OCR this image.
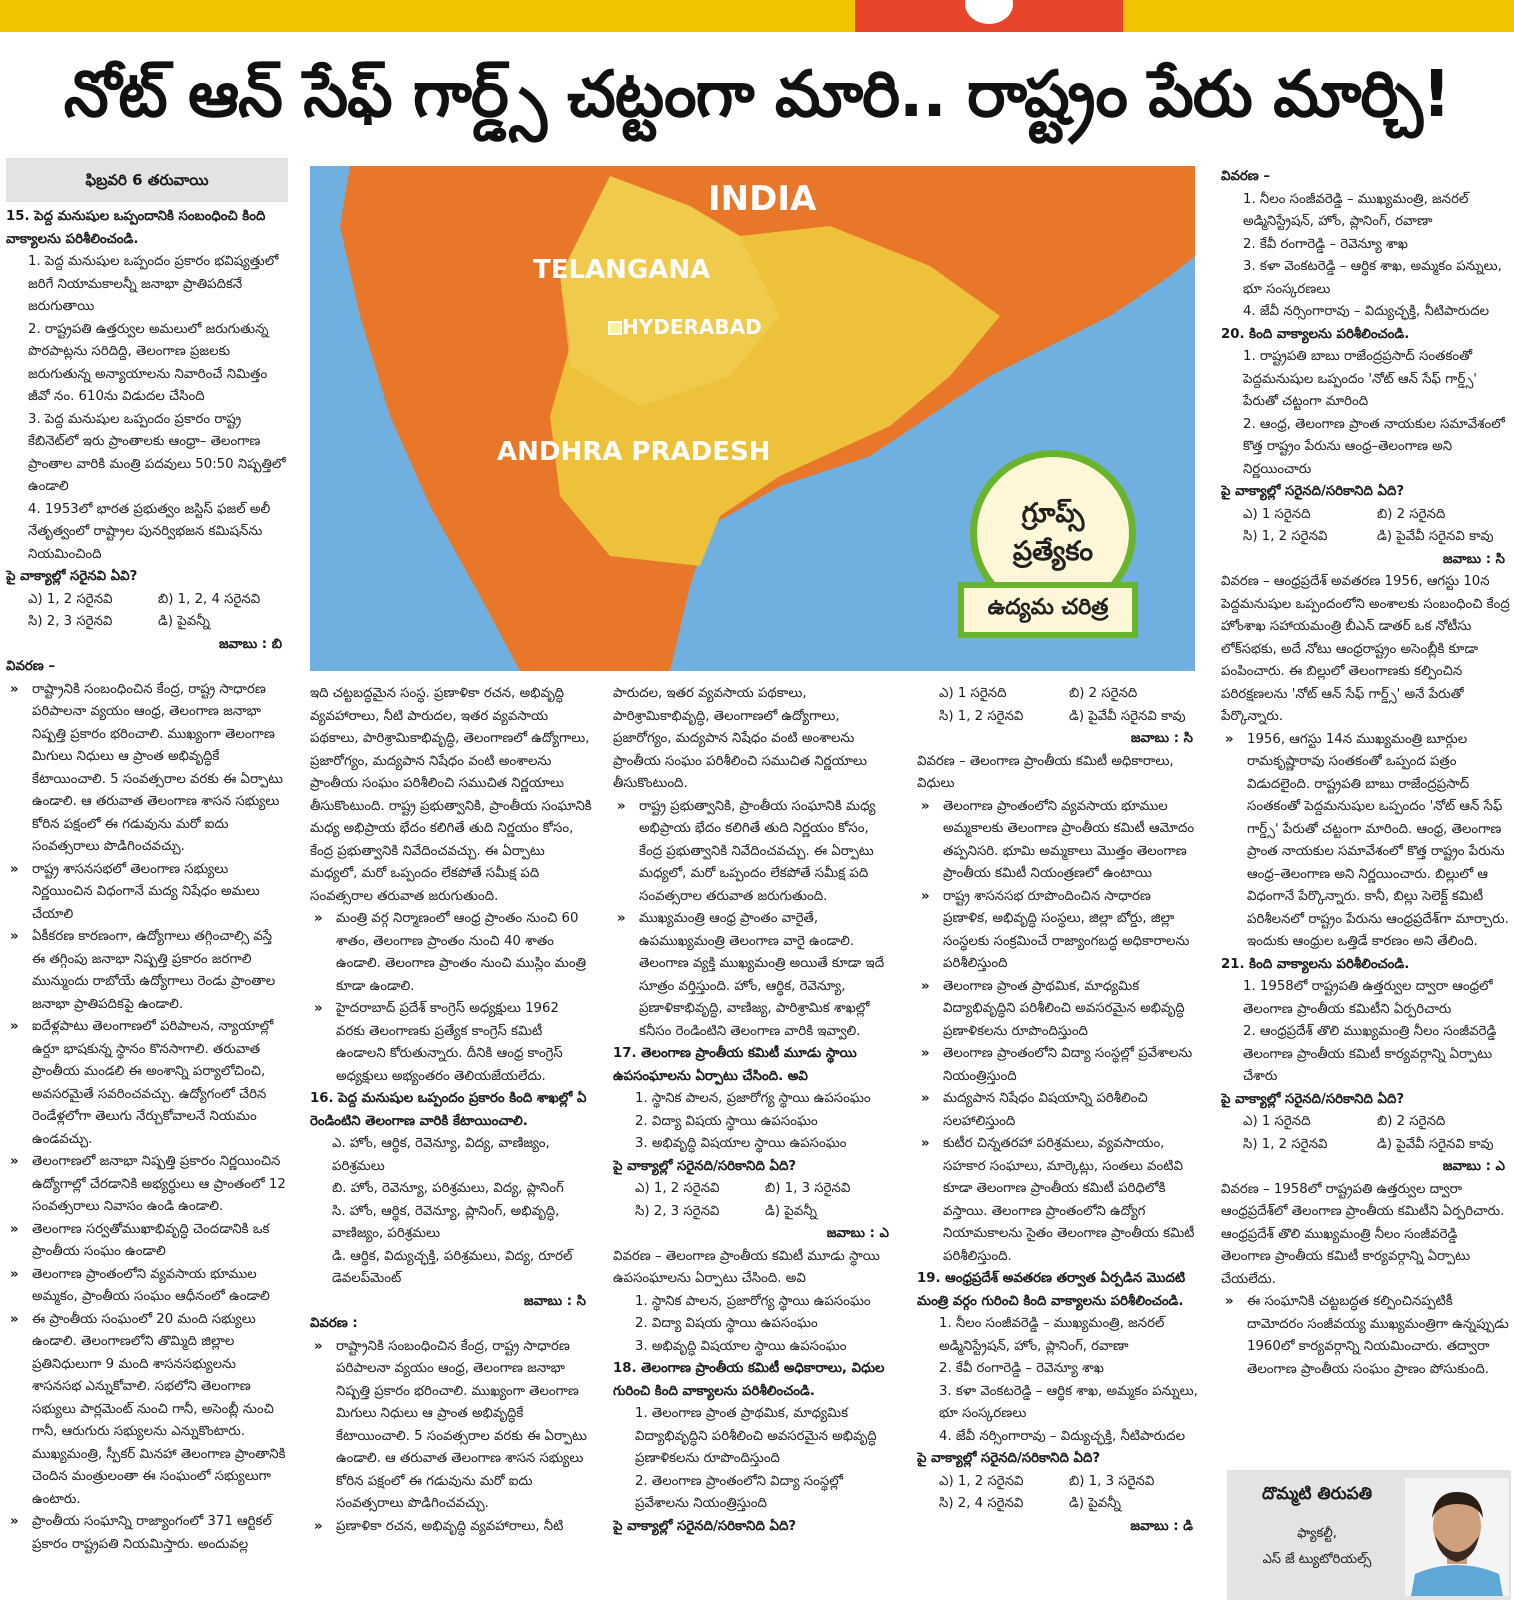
నోట్ ఆన్ సేఫ్ గార్డ్స్ చట్టంగా మారి.. రాష్ట్రం పేరు మార్చి!
ఫిబ్రవరి 6 తరువాయి

15. పెద్ద మనుషుల ఒప్పందానికి సంబంధించి కింది వాక్యాలను పరిశీలించండి.

1. పెద్ద మనుషుల ఒప్పందం ప్రకారం భవిష్యత్తులో జరిగే నియామకాలన్నీ జనాభా ప్రాతిపదికనే జరుగుతాయి

2. రాష్ట్రపతి ఉత్తర్వుల అమలులో జరుగుతున్న పొరపాట్లను సరిదిద్ది, తెలంగాణ ప్రజలకు జరుగుతున్న అన్యాయాలను నివారించే నిమిత్తం జీవో నం. 610ను విడుదల చేసింది

3. పెద్ద మనుషుల ఒప్పందం ప్రకారం రాష్ట్ర కేబినెట్‌లో ఇరు ప్రాంతాలకు ఆంధ్రా– తెలంగాణ ప్రాంతాల వారికి మంత్రి పదవులు 50:50 నిష్పత్తిలో ఉండాలి

4. 1953లో భారత ప్రభుత్వం జస్టిస్ ఫజల్ అలీ నేతృత్వంలో రాష్ట్రాల పునర్విభజన కమిషన్‌ను నియమించింది

పై వాక్యాల్లో సరైనవి ఏవి?

ఎ) 1, 2 సరైనవి	బి) 1, 2, 4 సరైనవి
సి) 2, 3 సరైనవి	డి) పైవన్నీ

జవాబు : బి

వివరణ –

» రాష్ట్రానికి సంబంధించిన కేంద్ర, రాష్ట్ర సాధారణ పరిపాలనా వ్యయం ఆంధ్ర, తెలంగాణ జనాభా నిష్పత్తి ప్రకారం భరించాలి. ముఖ్యంగా తెలంగాణ మిగులు నిధులు ఆ ప్రాంత అభివృద్ధికే కేటాయించాలి. 5 సంవత్సరాల వరకు ఈ ఏర్పాటు ఉండాలి. ఆ తరువాత తెలంగాణ శాసన సభ్యులు కోరిన పక్షంలో ఈ గడువును మరో ఐదు సంవత్సరాలు పొడిగించవచ్చు.

» రాష్ట్ర శాసనసభలో తెలంగాణ సభ్యులు నిర్ణయించిన విధంగానే మద్య నిషేధం అమలు చేయాలి

» ఏకీకరణ కారణంగా, ఉద్యోగాలు తగ్గించాల్సి వస్తే ఈ తగ్గింపు జనాభా నిష్పత్తి ప్రకారం జరగాలి మున్ముందు రాబోయే ఉద్యోగాలు రెండు ప్రాంతాల జనాభా ప్రాతిపదికపై ఉండాలి.

» ఐదేళ్లపాటు తెలంగాణలో పరిపాలన, న్యాయాల్లో ఉర్దూ భాషకున్న స్థానం కొనసాగాలి. తరువాత ప్రాంతీయ మండలి ఈ అంశాన్ని పర్యాలోచించి, అవసరమైతే సవరించవచ్చు. ఉద్యోగంలో చేరిన రెండేళ్లలోగా తెలుగు నేర్చుకోవాలనే నియమం ఉండవచ్చు.

» తెలంగాణలో జనాభా నిష్పత్తి ప్రకారం నిర్ణయించిన ఉద్యోగాల్లో చేరడానికి అభ్యర్థులు ఆ ప్రాంతంలో 12 సంవత్సరాలు నివాసం ఉండి ఉండాలి.

» తెలంగాణ సర్వతోముఖాభివృద్ధి చెందడానికి ఒక ప్రాంతీయ సంఘం ఉండాలి

» తెలంగాణ ప్రాంతంలోని వ్యవసాయ భూముల అమ్మకం, ప్రాంతీయ సంఘం ఆధీనంలో ఉండాలి

» ఈ ప్రాంతీయ సంఘంలో 20 మంది సభ్యులు ఉండాలి. తెలంగాణలోని తొమ్మిది జిల్లాల ప్రతినిధులుగా 9 మంది శాసనసభ్యులను శాసనసభ ఎన్నుకోవాలి. సభలోని తెలంగాణ సభ్యులు పార్లమెంట్ నుంచి గానీ, అసెంబ్లీ నుంచి గానీ, ఆరుగురు సభ్యులను ఎన్నుకొంటారు. ముఖ్యమంత్రి, స్పీకర్ మినహా తెలంగాణ ప్రాంతానికి చెందిన మంత్రులంతా ఈ సంఘంలో సభ్యులుగా ఉంటారు.

» ప్రాంతీయ సంఘాన్ని రాజ్యాంగంలో 371 ఆర్టికల్ ప్రకారం రాష్ట్రపతి నియమిస్తారు. అందువల్ల

INDIA
TELANGANA
HYDERABAD
ANDHRA PRADESH
గ్రూప్స్
ప్రత్యేకం
ఉద్యమ చరిత్ర

ఇది చట్టబద్ధమైన సంస్థ. ప్రణాళికా రచన, అభివృద్ధి వ్యవహారాలు, నీటి పారుదల, ఇతర వ్యవసాయ పథకాలు, పారిశ్రామికాభివృద్ధి, తెలంగాణలో ఉద్యోగాలు, ప్రజారోగ్యం, మద్యపాన నిషేధం వంటి అంశాలను ప్రాంతీయ సంఘం పరిశీలించి సముచిత నిర్ణయాలు తీసుకొంటుంది. రాష్ట్ర ప్రభుత్వానికి, ప్రాంతీయ సంఘానికి మధ్య అభిప్రాయ భేదం కలిగితే తుది నిర్ణయం కోసం, కేంద్ర ప్రభుత్వానికి నివేదించవచ్చు. ఈ ఏర్పాటు మధ్యలో, మరో ఒప్పందం లేకపోతే సమీక్ష పది సంవత్సరాల తరువాత జరుగుతుంది.

» మంత్రి వర్గ నిర్మాణంలో ఆంధ్ర ప్రాంతం నుంచి 60 శాతం, తెలంగాణ ప్రాంతం నుంచి 40 శాతం ఉండాలి. తెలంగాణ ప్రాంతం నుంచి ముస్లిం మంత్రి కూడా ఉండాలి.

» హైదరాబాద్ ప్రదేశ్ కాంగ్రెస్ అధ్యక్షులు 1962 వరకు తెలంగాణకు ప్రత్యేక కాంగ్రెస్ కమిటీ ఉండాలని కోరుతున్నారు. దీనికి ఆంధ్ర కాంగ్రెస్ అధ్యక్షులు అభ్యంతరం తెలియజేయలేదు.

16. పెద్ద మనుషుల ఒప్పందం ప్రకారం కింది శాఖల్లో ఏ రెండింటిని తెలంగాణ వారికి కేటాయించాలి.

ఎ. హోం, ఆర్థిక, రెవెన్యూ, విద్య, వాణిజ్యం, పరిశ్రమలు

బి. హోం, రెవెన్యూ, పరిశ్రమలు, విద్య, ప్లానింగ్

సి. హోం, ఆర్థిక, రెవెన్యూ, ప్లానింగ్, అభివృద్ధి, వాణిజ్యం, పరిశ్రమలు

డి. ఆర్థిక, విద్యుచ్ఛక్తి, పరిశ్రమలు, విద్య, రూరల్ డెవలప్‌మెంట్

జవాబు : సి

వివరణ :

» రాష్ట్రానికి సంబంధించిన కేంద్ర, రాష్ట్ర సాధారణ పరిపాలనా వ్యయం ఆంధ్ర, తెలంగాణ జనాభా నిష్పత్తి ప్రకారం భరించాలి. ముఖ్యంగా తెలంగాణ మిగులు నిధులు ఆ ప్రాంత అభివృద్ధికే కేటాయించాలి. 5 సంవత్సరాల వరకు ఈ ఏర్పాటు ఉండాలి. ఆ తరువాత తెలంగాణ శాసన సభ్యులు కోరిన పక్షంలో ఈ గడువును మరో ఐదు సంవత్సరాలు పొడిగించవచ్చు.

» ప్రణాళికా రచన, అభివృద్ధి వ్యవహారాలు, నీటి

పారుదల, ఇతర వ్యవసాయ పథకాలు, పారిశ్రామికాభివృద్ధి, తెలంగాణలో ఉద్యోగాలు, ప్రజారోగ్యం, మద్యపాన నిషేధం వంటి అంశాలను ప్రాంతీయ సంఘం పరిశీలించి సముచిత నిర్ణయాలు తీసుకొంటుంది.

» రాష్ట్ర ప్రభుత్వానికి, ప్రాంతీయ సంఘానికి మధ్య అభిప్రాయ భేదం కలిగితే తుది నిర్ణయం కోసం, కేంద్ర ప్రభుత్వానికి నివేదించవచ్చు. ఈ ఏర్పాటు మధ్యలో, మరో ఒప్పందం లేకపోతే సమీక్ష పది సంవత్సరాల తరువాత జరుగుతుంది.

» ముఖ్యమంత్రి ఆంధ్ర ప్రాంతం వారైతే, ఉపముఖ్యమంత్రి తెలంగాణ వారై ఉండాలి. తెలంగాణ వ్యక్తి ముఖ్యమంత్రి అయితే కూడా ఇదే సూత్రం వర్తిస్తుంది. హోం, ఆర్థిక, రెవెన్యూ, ప్రణాళికాభివృద్ధి, వాణిజ్య, పారిశ్రామిక శాఖల్లో కనీసం రెండింటిని తెలంగాణ వారికి ఇవ్వాలి.

17. తెలంగాణ ప్రాంతీయ కమిటీ మూడు స్థాయి ఉపసంఘాలను ఏర్పాటు చేసింది. అవి

1. స్థానిక పాలన, ప్రజారోగ్య స్థాయి ఉపసంఘం

2. విద్యా విషయ స్థాయి ఉపసంఘం

3. అభివృద్ధి విషయాల స్థాయి ఉపసంఘం

పై వాక్యాల్లో సరైనది/సరికానిది ఏది?

ఎ) 1, 2 సరైనవి	బి) 1, 3 సరైనవి
సి) 2, 3 సరైనవి	డి) పైవన్నీ

జవాబు : ఎ

వివరణ – తెలంగాణ ప్రాంతీయ కమిటీ మూడు స్థాయి ఉపసంఘాలను ఏర్పాటు చేసింది. అవి

1. స్థానిక పాలన, ప్రజారోగ్య స్థాయి ఉపసంఘం

2. విద్యా విషయ స్థాయి ఉపసంఘం

3. అభివృద్ధి విషయాల స్థాయి ఉపసంఘం

18. తెలంగాణ ప్రాంతీయ కమిటీ అధికారాలు, విధుల గురించి కింది వాక్యాలను పరిశీలించండి.

1. తెలంగాణ ప్రాంత ప్రాథమిక, మాధ్యమిక విద్యాభివృద్ధిని పరిశీలించి అవసరమైన అభివృద్ధి ప్రణాళికలను రూపొందిస్తుంది

2. తెలంగాణ ప్రాంతంలోని విద్యా సంస్థల్లో ప్రవేశాలను నియంత్రిస్తుంది

పై వాక్యాల్లో సరైనది/సరికానిది ఏది?

ఎ) 1 సరైనది	బి) 2 సరైనది
సి) 1, 2 సరైనవి	డి) పైవేవీ సరైనవి కావు

జవాబు : సి

వివరణ – తెలంగాణ ప్రాంతీయ కమిటీ అధికారాలు, విధులు

» తెలంగాణ ప్రాంతంలోని వ్యవసాయ భూముల అమ్మకాలకు తెలంగాణ ప్రాంతీయ కమిటీ ఆమోదం తప్పనిసరి. భూమి అమ్మకాలు మొత్తం తెలంగాణ ప్రాంతీయ కమిటీ నియంత్రణలో ఉంటాయి

» రాష్ట్ర శాసనసభ రూపొందించిన సాధారణ ప్రణాళిక, అభివృద్ధి సంస్థలు, జిల్లా బోర్డు, జిల్లా సంస్థలకు సంక్రమించే రాజ్యాంగబద్ధ అధికారాలను పరిశీలిస్తుంది

» తెలంగాణ ప్రాంత ప్రాథమిక, మాధ్యమిక విద్యాభివృద్ధిని పరిశీలించి అవసరమైన అభివృద్ధి ప్రణాళికలను రూపొందిస్తుంది

» తెలంగాణ ప్రాంతంలోని విద్యా సంస్థల్లో ప్రవేశాలను నియంత్రిస్తుంది

» మద్యపాన నిషేధం విషయాన్ని పరిశీలించి సలహాలిస్తుంది

» కుటీర చిన్నతరహా పరిశ్రమలు, వ్యవసాయం, సహకార సంఘాలు, మార్కెట్లు, సంతలు వంటివి కూడా తెలంగాణ ప్రాంతీయ కమిటీ పరిధిలోకి వస్తాయి. తెలంగాణ ప్రాంతంలోని ఉద్యోగ నియామకాలను సైతం తెలంగాణ ప్రాంతీయ కమిటీ పరిశీలిస్తుంది.

19. ఆంధ్రప్రదేశ్ అవతరణ తర్వాత ఏర్పడిన మొదటి మంత్రి వర్గం గురించి కింది వాక్యాలను పరిశీలించండి.

1. నీలం సంజీవరెడ్డి – ముఖ్యమంత్రి, జనరల్ అడ్మినిస్ట్రేషన్, హోం, ప్లానింగ్, రవాణా

2. కేవీ రంగారెడ్డి – రెవెన్యూ శాఖ

3. కళా వెంకటరెడ్డి – ఆర్థిక శాఖ, అమ్మకం పన్నులు, భూ సంస్కరణలు

4. జేవీ నర్సింగారావు – విద్యుచ్ఛక్తి, నీటిపారుదల

పై వాక్యాల్లో సరైనది/సరికానిది ఏది?

ఎ) 1, 2 సరైనవి	బి) 1, 3 సరైనవి
సి) 2, 4 సరైనవి	డి) పైవన్నీ

జవాబు : డి

వివరణ –

1. నీలం సంజీవరెడ్డి – ముఖ్యమంత్రి, జనరల్ అడ్మినిస్ట్రేషన్, హోం, ప్లానింగ్, రవాణా

2. కేవీ రంగారెడ్డి – రెవెన్యూ శాఖ

3. కళా వెంకటరెడ్డి – ఆర్థిక శాఖ, అమ్మకం పన్నులు, భూ సంస్కరణలు

4. జేవీ నర్సింగారావు – విద్యుచ్ఛక్తి, నీటిపారుదల

20. కింది వాక్యాలను పరిశీలించండి.

1. రాష్ట్రపతి బాబు రాజేంద్రప్రసాద్ సంతకంతో పెద్దమనుషుల ఒప్పందం 'నోట్ ఆన్ సేఫ్ గార్డ్స్' పేరుతో చట్టంగా మారింది

2. ఆంధ్ర, తెలంగాణ ప్రాంత నాయకుల సమావేశంలో కొత్త రాష్ట్రం పేరును ఆంధ్ర–తెలంగాణ అని నిర్ణయించారు

పై వాక్యాల్లో సరైనది/సరికానిది ఏది?

ఎ) 1 సరైనది	బి) 2 సరైనది
సి) 1, 2 సరైనవి	డి) పైవేవీ సరైనవి కావు

జవాబు : సి

వివరణ – ఆంధ్రప్రదేశ్ అవతరణ 1956, ఆగస్టు 10న పెద్దమనుషుల ఒప్పందంలోని అంశాలకు సంబంధించి కేంద్ర హోంశాఖ సహాయమంత్రి బీఎన్ డాతర్ ఒక నోటీసు లోక్‌సభకు, అదే నోటు ఆంధ్రరాష్ట్రం అసెంబ్లీకి కూడా పంపించారు. ఈ బిల్లులో తెలంగాణకు కల్పించిన పరిరక్షణలను 'నోట్ ఆన్ సేఫ్ గార్డ్స్' అనే పేరుతో పేర్కొన్నారు.

» 1956, ఆగస్టు 14న ముఖ్యమంత్రి బూర్గుల రామకృష్ణారావు సంతకంతో ఒప్పంద పత్రం విడుదలైంది. రాష్ట్రపతి బాబు రాజేంద్రప్రసాద్ సంతకంతో పెద్దమనుషుల ఒప్పందం 'నోట్ ఆన్ సేఫ్ గార్డ్స్' పేరుతో చట్టంగా మారింది. ఆంధ్ర, తెలంగాణ ప్రాంత నాయకుల సమావేశంలో కొత్త రాష్ట్రం పేరును ఆంధ్ర–తెలంగాణ అని నిర్ణయించారు. బిల్లులో ఆ విధంగానే పేర్కొన్నారు. కానీ, బిల్లు సెలెక్ట్ కమిటీ పరిశీలనలో రాష్ట్రం పేరును ఆంధ్రప్రదేశ్‌గా మార్చారు. ఇందుకు ఆంధ్రుల ఒత్తిడే కారణం అని తేలింది.

21. కింది వాక్యాలను పరిశీలించండి.

1. 1958లో రాష్ట్రపతి ఉత్తర్వుల ద్వారా ఆంధ్రలో తెలంగాణ ప్రాంతీయ కమిటీని ఏర్పరిచారు

2. ఆంధ్రప్రదేశ్ తొలి ముఖ్యమంత్రి నీలం సంజీవరెడ్డి తెలంగాణ ప్రాంతీయ కమిటీ కార్యవర్గాన్ని ఏర్పాటు చేశారు

పై వాక్యాల్లో సరైనది/సరికానిది ఏది?

ఎ) 1 సరైనది	బి) 2 సరైనది
సి) 1, 2 సరైనవి	డి) పైవేవీ సరైనవి కావు

జవాబు : ఎ

వివరణ – 1958లో రాష్ట్రపతి ఉత్తర్వుల ద్వారా ఆంధ్రప్రదేశ్‌లో తెలంగాణ ప్రాంతీయ కమిటీని ఏర్పరిచారు. ఆంధ్రప్రదేశ్ తొలి ముఖ్యమంత్రి నీలం సంజీవరెడ్డి తెలంగాణ ప్రాంతీయ కమిటీ కార్యవర్గాన్ని ఏర్పాటు చేయలేదు.

» ఈ సంఘానికి చట్టబద్ధత కల్పించినప్పటికీ దామోదరం సంజీవయ్య ముఖ్యమంత్రిగా ఉన్నప్పుడు 1960లో కార్యవర్గాన్ని నియమించారు. తద్వారా తెలంగాణ ప్రాంతీయ సంఘం ప్రాణం పోసుకుంది.

దొమ్మటి తిరుపతి
ఫ్యాకల్టీ,
ఎస్ జే ట్యుటోరియల్స్
